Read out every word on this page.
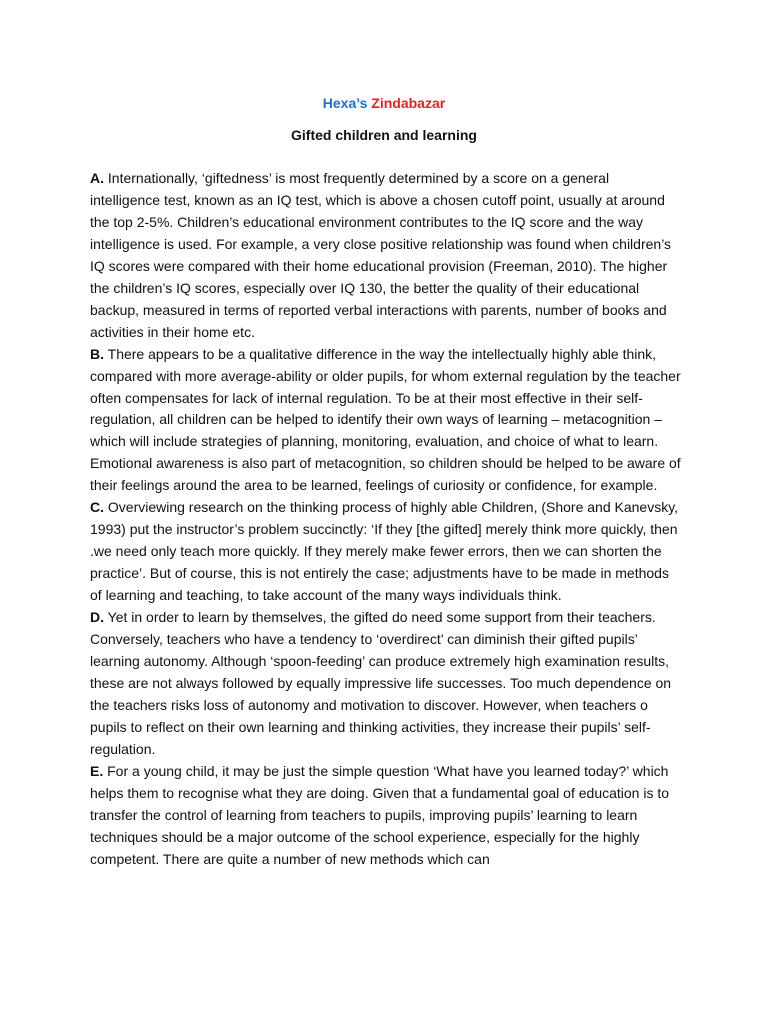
Hexa’s Zindabazar
Gifted children and learning

A. Internationally, ‘giftedness’ is most frequently determined by a score on a general intelligence test, known as an IQ test, which is above a chosen cutoff point, usually at around the top 2-5%. Children’s educational environment contributes to the IQ score and the way intelligence is used. For example, a very close positive relationship was found when children’s IQ scores were compared with their home educational provision (Freeman, 2010). The higher the children’s IQ scores, especially over IQ 130, the better the quality of their educational backup, measured in terms of reported verbal interactions with parents, number of books and activities in their home etc.

B. There appears to be a qualitative difference in the way the intellectually highly able think, compared with more average-ability or older pupils, for whom external regulation by the teacher often compensates for lack of internal regulation. To be at their most effective in their self-regulation, all children can be helped to identify their own ways of learning – metacognition – which will include strategies of planning, monitoring, evaluation, and choice of what to learn. Emotional awareness is also part of metacognition, so children should be helped to be aware of their feelings around the area to be learned, feelings of curiosity or confidence, for example.

C. Overviewing research on the thinking process of highly able Children, (Shore and Kanevsky, 1993) put the instructor’s problem succinctly: ‘If they [the gifted] merely think more quickly, then .we need only teach more quickly. If they merely make fewer errors, then we can shorten the practice’. But of course, this is not entirely the case; adjustments have to be made in methods of learning and teaching, to take account of the many ways individuals think.

D. Yet in order to learn by themselves, the gifted do need some support from their teachers. Conversely, teachers who have a tendency to ‘overdirect’ can diminish their gifted pupils’ learning autonomy. Although ‘spoon-feeding’ can produce extremely high examination results, these are not always followed by equally impressive life successes. Too much dependence on the teachers risks loss of autonomy and motivation to discover. However, when teachers o pupils to reflect on their own learning and thinking activities, they increase their pupils’ self-regulation.

E. For a young child, it may be just the simple question ‘What have you learned today?’ which helps them to recognise what they are doing. Given that a fundamental goal of education is to transfer the control of learning from teachers to pupils, improving pupils’ learning to learn techniques should be a major outcome of the school experience, especially for the highly competent. There are quite a number of new methods which can
